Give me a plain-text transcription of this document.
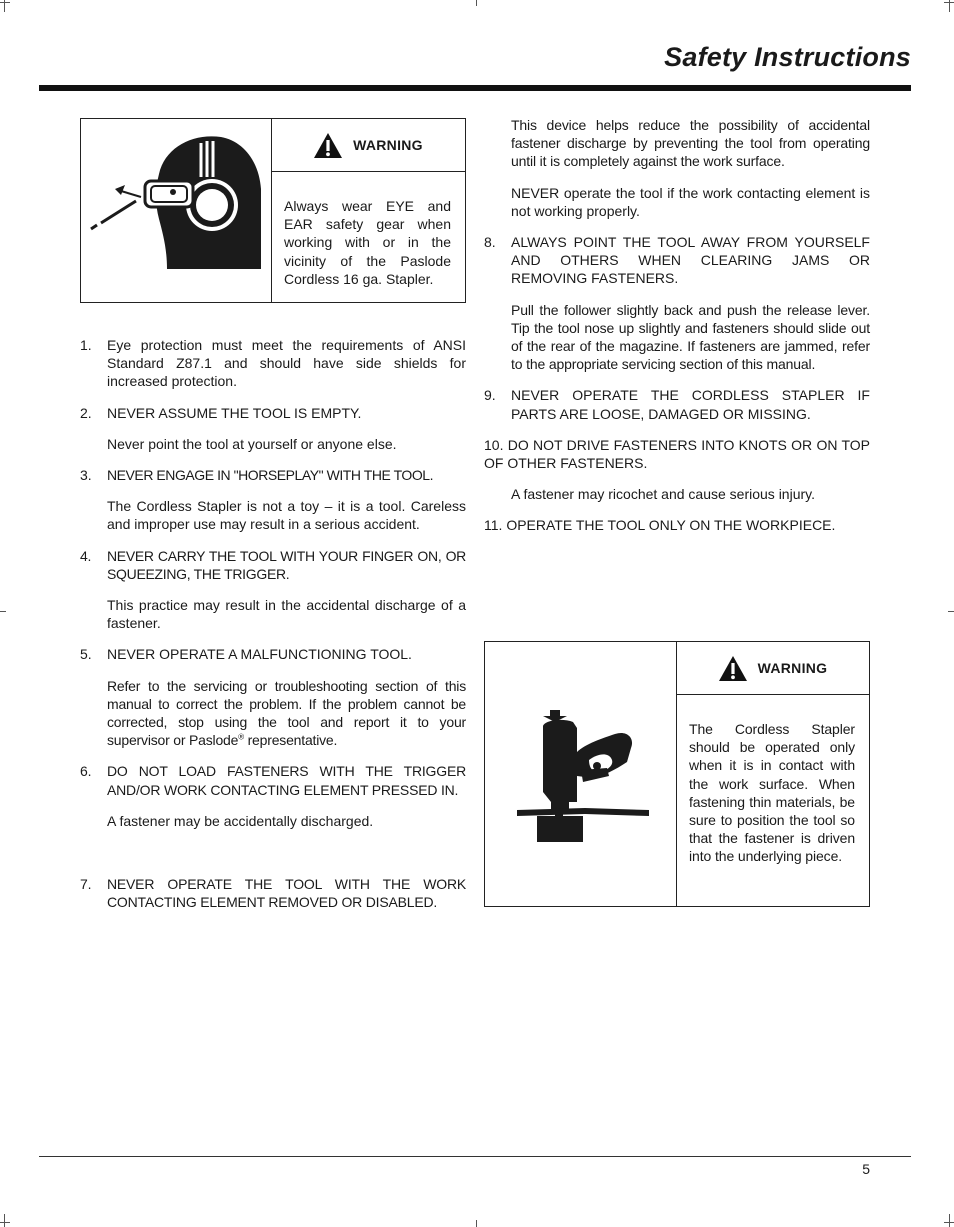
Safety Instructions
WARNING
Always wear EYE and EAR safety gear when working with or in the vicinity of the Paslode Cordless 16 ga. Stapler.
1. Eye protection must meet the requirements of ANSI Standard Z87.1 and should have side shields for increased protection.
2. NEVER ASSUME THE TOOL IS EMPTY.
Never point the tool at yourself or anyone else.
3. NEVER ENGAGE IN "HORSEPLAY" WITH THE TOOL.
The Cordless Stapler is not a toy – it is a tool. Careless and improper use may result in a serious accident.
4. NEVER CARRY THE TOOL WITH YOUR FINGER ON, OR SQUEEZING, THE TRIGGER.
This practice may result in the accidental discharge of a fastener.
5. NEVER OPERATE A MALFUNCTIONING TOOL.
Refer to the servicing or troubleshooting section of this manual to correct the problem. If the problem cannot be corrected, stop using the tool and report it to your supervisor or Paslode® representative.
6. DO NOT LOAD FASTENERS WITH THE TRIGGER AND/OR WORK CONTACTING ELEMENT PRESSED IN.
A fastener may be accidentally discharged.
7. NEVER OPERATE THE TOOL WITH THE WORK CONTACTING ELEMENT REMOVED OR DISABLED.
This device helps reduce the possibility of accidental fastener discharge by preventing the tool from operating until it is completely against the work surface.
NEVER operate the tool if the work contacting element is not working properly.
8. ALWAYS POINT THE TOOL AWAY FROM YOURSELF AND OTHERS WHEN CLEARING JAMS OR REMOVING FASTENERS.
Pull the follower slightly back and push the release lever. Tip the tool nose up slightly and fasteners should slide out of the rear of the magazine. If fasteners are jammed, refer to the appropriate servicing section of this manual.
9. NEVER OPERATE THE CORDLESS STAPLER IF PARTS ARE LOOSE, DAMAGED OR MISSING.
10. DO NOT DRIVE FASTENERS INTO KNOTS OR ON TOP OF OTHER FASTENERS.
A fastener may ricochet and cause serious injury.
11. OPERATE THE TOOL ONLY ON THE WORKPIECE.
WARNING
The Cordless Stapler should be operated only when it is in contact with the work surface. When fastening thin materials, be sure to position the tool so that the fastener is driven into the underlying piece.
5
